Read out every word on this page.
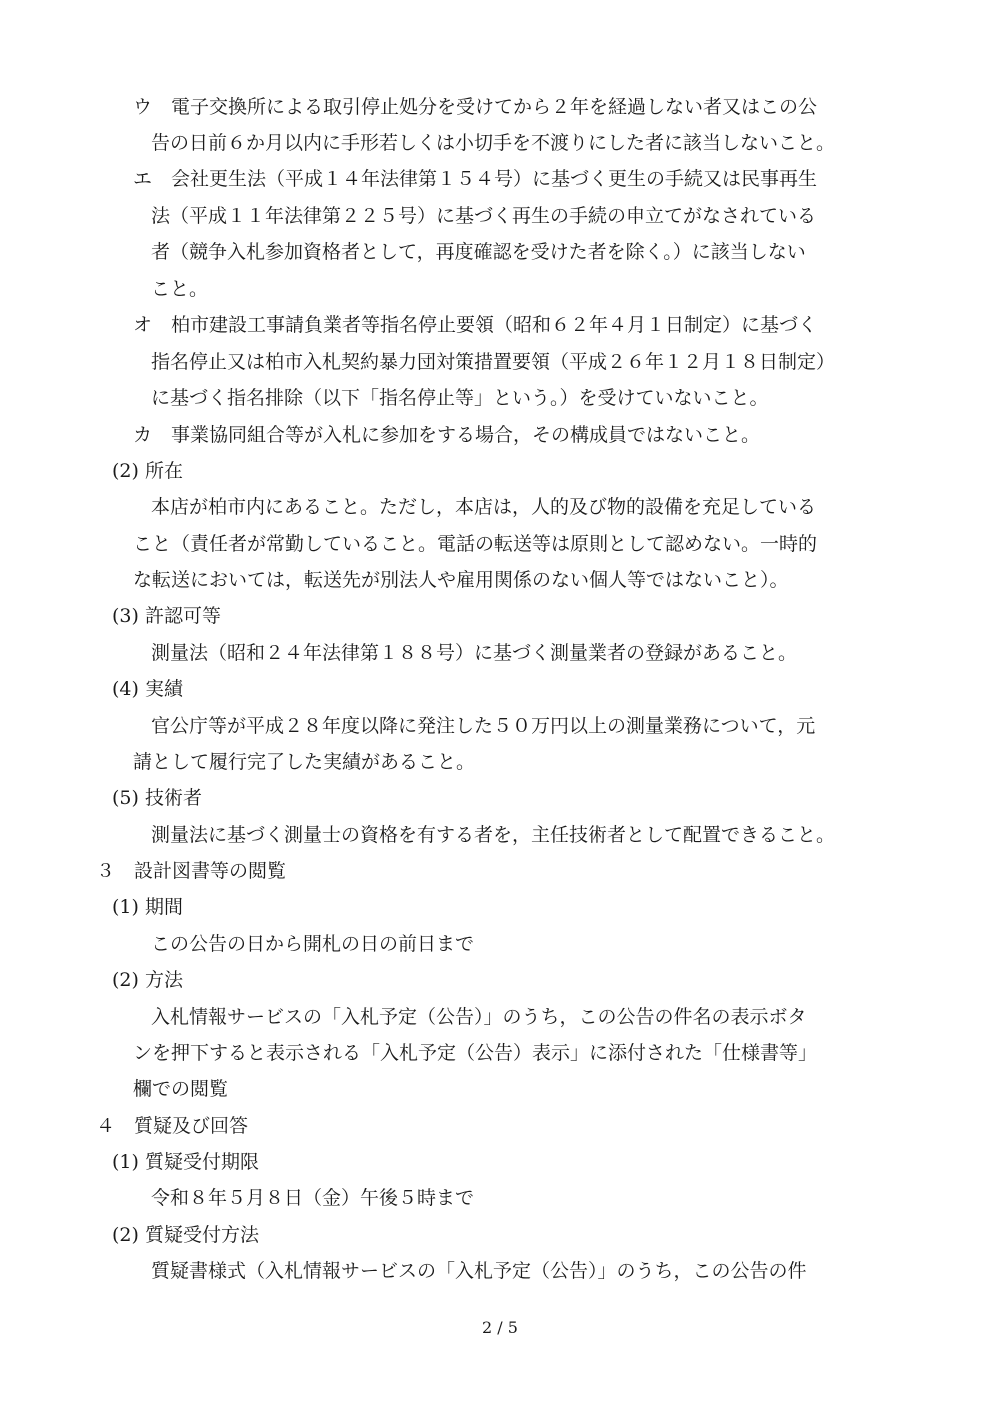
ウ　電子交換所による取引停止処分を受けてから２年を経過しない者又はこの公
告の日前６か月以内に手形若しくは小切手を不渡りにした者に該当しないこと。
エ　会社更生法（平成１４年法律第１５４号）に基づく更生の手続又は民事再生
法（平成１１年法律第２２５号）に基づく再生の手続の申立てがなされている
者（競争入札参加資格者として，再度確認を受けた者を除く。）に該当しない
こと。
オ　柏市建設工事請負業者等指名停止要領（昭和６２年４月１日制定）に基づく
指名停止又は柏市入札契約暴力団対策措置要領（平成２６年１２月１８日制定）
に基づく指名排除（以下「指名停止等」という。）を受けていないこと。
カ　事業協同組合等が入札に参加をする場合，その構成員ではないこと。
(2) 所在
本店が柏市内にあること。ただし，本店は，人的及び物的設備を充足している
こと（責任者が常勤していること。電話の転送等は原則として認めない。一時的
な転送においては，転送先が別法人や雇用関係のない個人等ではないこと）。
(3) 許認可等
測量法（昭和２４年法律第１８８号）に基づく測量業者の登録があること。
(4) 実績
官公庁等が平成２８年度以降に発注した５０万円以上の測量業務について，元
請として履行完了した実績があること。
(5) 技術者
測量法に基づく測量士の資格を有する者を，主任技術者として配置できること。
３　設計図書等の閲覧
(1) 期間
この公告の日から開札の日の前日まで
(2) 方法
入札情報サービスの「入札予定（公告）」のうち，この公告の件名の表示ボタ
ンを押下すると表示される「入札予定（公告）表示」に添付された「仕様書等」
欄での閲覧
４　質疑及び回答
(1) 質疑受付期限
令和８年５月８日（金）午後５時まで
(2) 質疑受付方法
質疑書様式（入札情報サービスの「入札予定（公告）」のうち，この公告の件
2 / 5
